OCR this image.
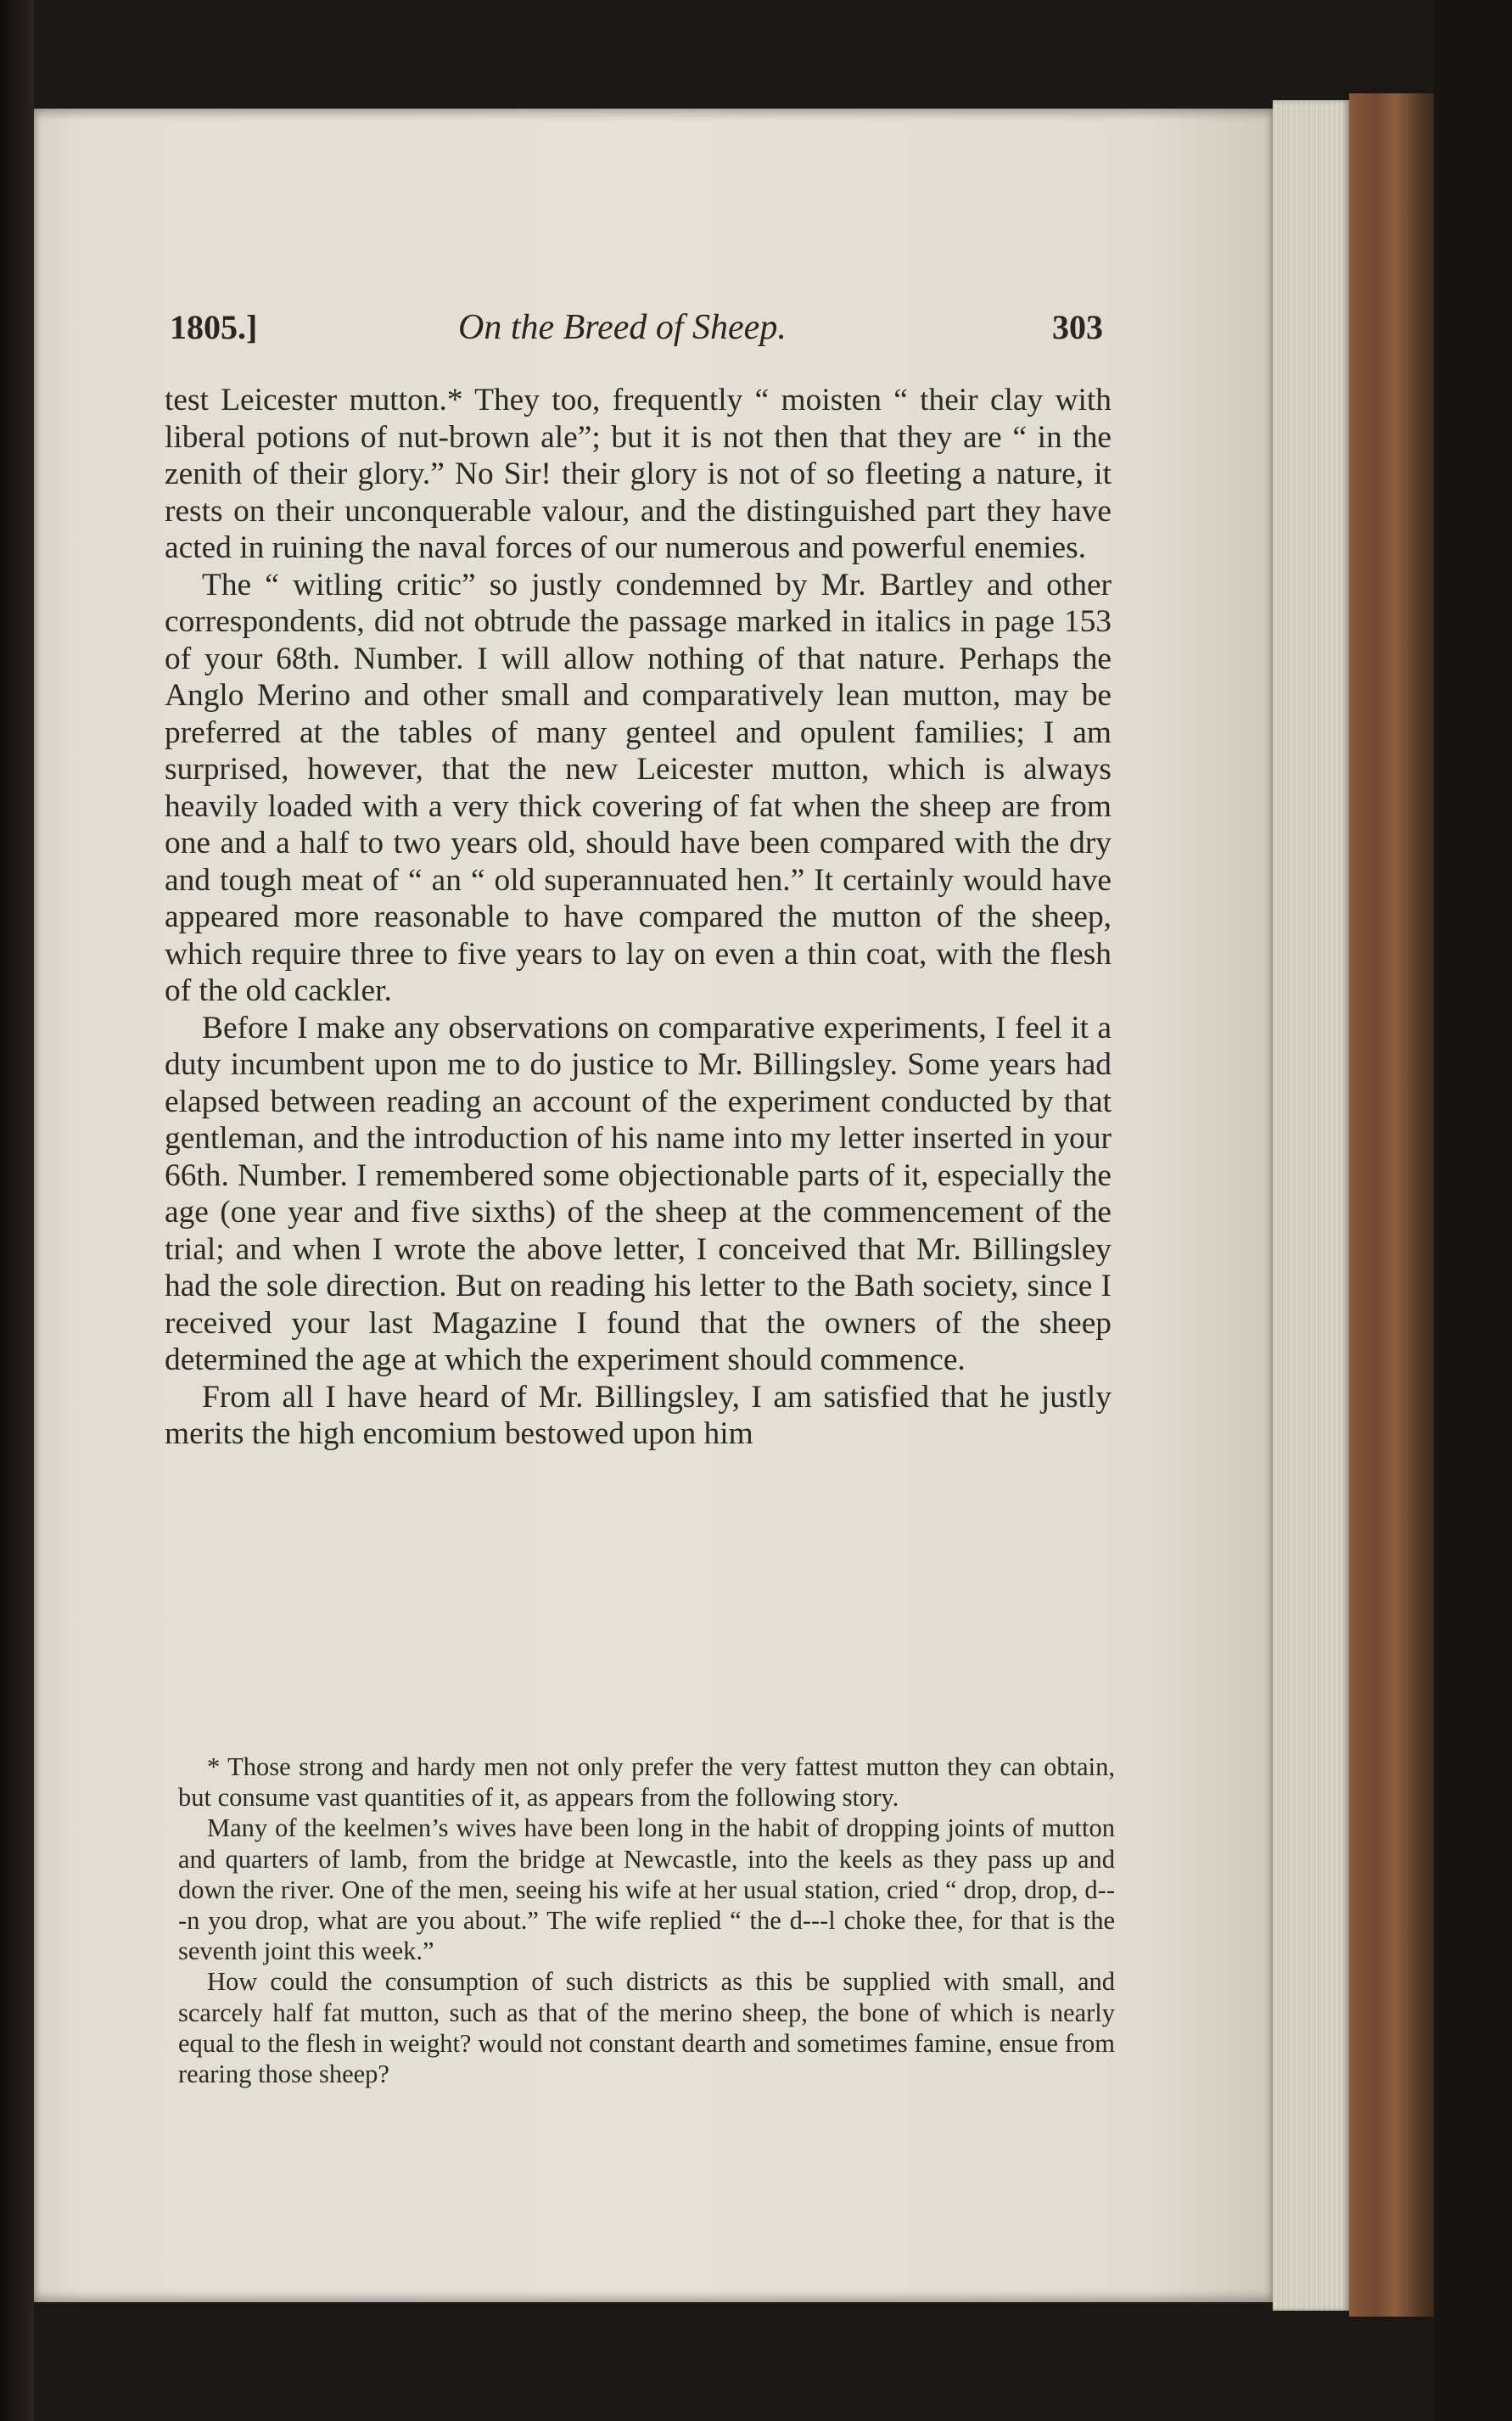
1805.]	On the Breed of Sheep.	303

test Leicester mutton.* They too, frequently “ moisten “ their clay with liberal potions of nut-brown ale”; but it is not then that they are “ in the zenith of their glory.” No Sir! their glory is not of so fleeting a nature, it rests on their unconquerable valour, and the distinguished part they have acted in ruining the naval forces of our numerous and powerful enemies.

The “ witling critic” so justly condemned by Mr. Bartley and other correspondents, did not obtrude the passage marked in italics in page 153 of your 68th. Number. I will allow nothing of that nature. Perhaps the Anglo Merino and other small and comparatively lean mutton, may be preferred at the tables of many genteel and opulent families; I am surprised, however, that the new Leicester mutton, which is always heavily loaded with a very thick covering of fat when the sheep are from one and a half to two years old, should have been compared with the dry and tough meat of “ an “ old superannuated hen.” It certainly would have appeared more reasonable to have compared the mutton of the sheep, which require three to five years to lay on even a thin coat, with the flesh of the old cackler.

Before I make any observations on comparative experiments, I feel it a duty incumbent upon me to do justice to Mr. Billingsley. Some years had elapsed between reading an account of the experiment conducted by that gentleman, and the introduction of his name into my letter inserted in your 66th. Number. I remembered some objectionable parts of it, especially the age (one year and five sixths) of the sheep at the commencement of the trial; and when I wrote the above letter, I conceived that Mr. Billingsley had the sole direction. But on reading his letter to the Bath society, since I received your last Magazine I found that the owners of the sheep determined the age at which the experiment should commence.

From all I have heard of Mr. Billingsley, I am satisfied that he justly merits the high encomium bestowed upon him

* Those strong and hardy men not only prefer the very fattest mutton they can obtain, but consume vast quantities of it, as appears from the following story.

Many of the keelmen’s wives have been long in the habit of dropping joints of mutton and quarters of lamb, from the bridge at Newcastle, into the keels as they pass up and down the river. One of the men, seeing his wife at her usual station, cried “ drop, drop, d---n you drop, what are you about.” The wife replied “ the d---l choke thee, for that is the seventh joint this week.”

How could the consumption of such districts as this be supplied with small, and scarcely half fat mutton, such as that of the merino sheep, the bone of which is nearly equal to the flesh in weight? would not constant dearth and sometimes famine, ensue from rearing those sheep?
